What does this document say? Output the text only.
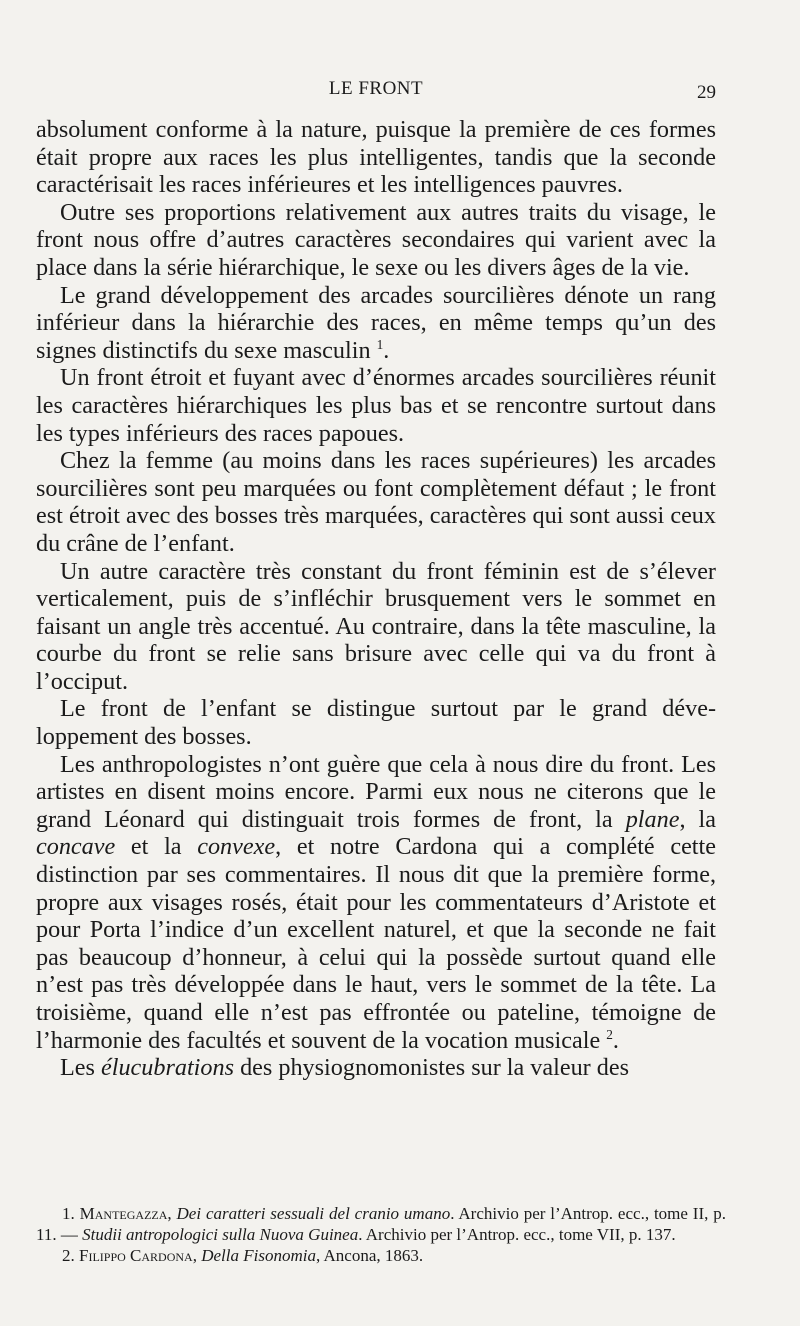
LE FRONT	29

absolument conforme à la nature, puisque la première de ces formes était propre aux races les plus intelligentes, tandis que la seconde caractérisait les races inférieures et les intelligences pauvres.

Outre ses proportions relativement aux autres traits du visage, le front nous offre d’autres caractères secondaires qui varient avec la place dans la série hiérarchique, le sexe ou les divers âges de la vie.

Le grand développement des arcades sourcilières dénote un rang inférieur dans la hiérarchie des races, en même temps qu’un des signes distinctifs du sexe masculin $^1$.

Un front étroit et fuyant avec d’énormes arcades sourcilières réunit les caractères hiérarchiques les plus bas et se rencontre surtout dans les types inférieurs des races papoues.

Chez la femme (au moins dans les races supérieures) les arcades sourcilières sont peu marquées ou font complètement défaut ; le front est étroit avec des bosses très marquées, caractères qui sont aussi ceux du crâne de l’enfant.

Un autre caractère très constant du front féminin est de s’élever verticalement, puis de s’infléchir brusquement vers le sommet en faisant un angle très accentué. Au contraire, dans la tête masculine, la courbe du front se relie sans brisure avec celle qui va du front à l’occiput.

Le front de l’enfant se distingue surtout par le grand développement des bosses.

Les anthropologistes n’ont guère que cela à nous dire du front. Les artistes en disent moins encore. Parmi eux nous ne citerons que le grand Léonard qui distinguait trois formes de front, la plane, la concave et la convexe, et notre Cardona qui a complété cette distinction par ses commentaires. Il nous dit que la première forme, propre aux visages rosés, était pour les commentateurs d’Aristote et pour Porta l’indice d’un excellent naturel, et que la seconde ne fait pas beaucoup d’honneur, à celui qui la possède surtout quand elle n’est pas très développée dans le haut, vers le sommet de la tête. La troisième, quand elle n’est pas effrontée ou pateline, témoigne de l’harmonie des facultés et souvent de la vocation musicale $^2$.

Les élucubrations des physiognomonistes sur la valeur des

1. Mantegazza, Dei caratteri sessuali del cranio umano. Archivio per l’Antrop. ecc., tome II, p. 11. — Studii antropologici sulla Nuova Guinea. Archivio per l’Antrop. ecc., tome VII, p. 137.

2. Filippo Cardona, Della Fisonomia, Ancona, 1863.
